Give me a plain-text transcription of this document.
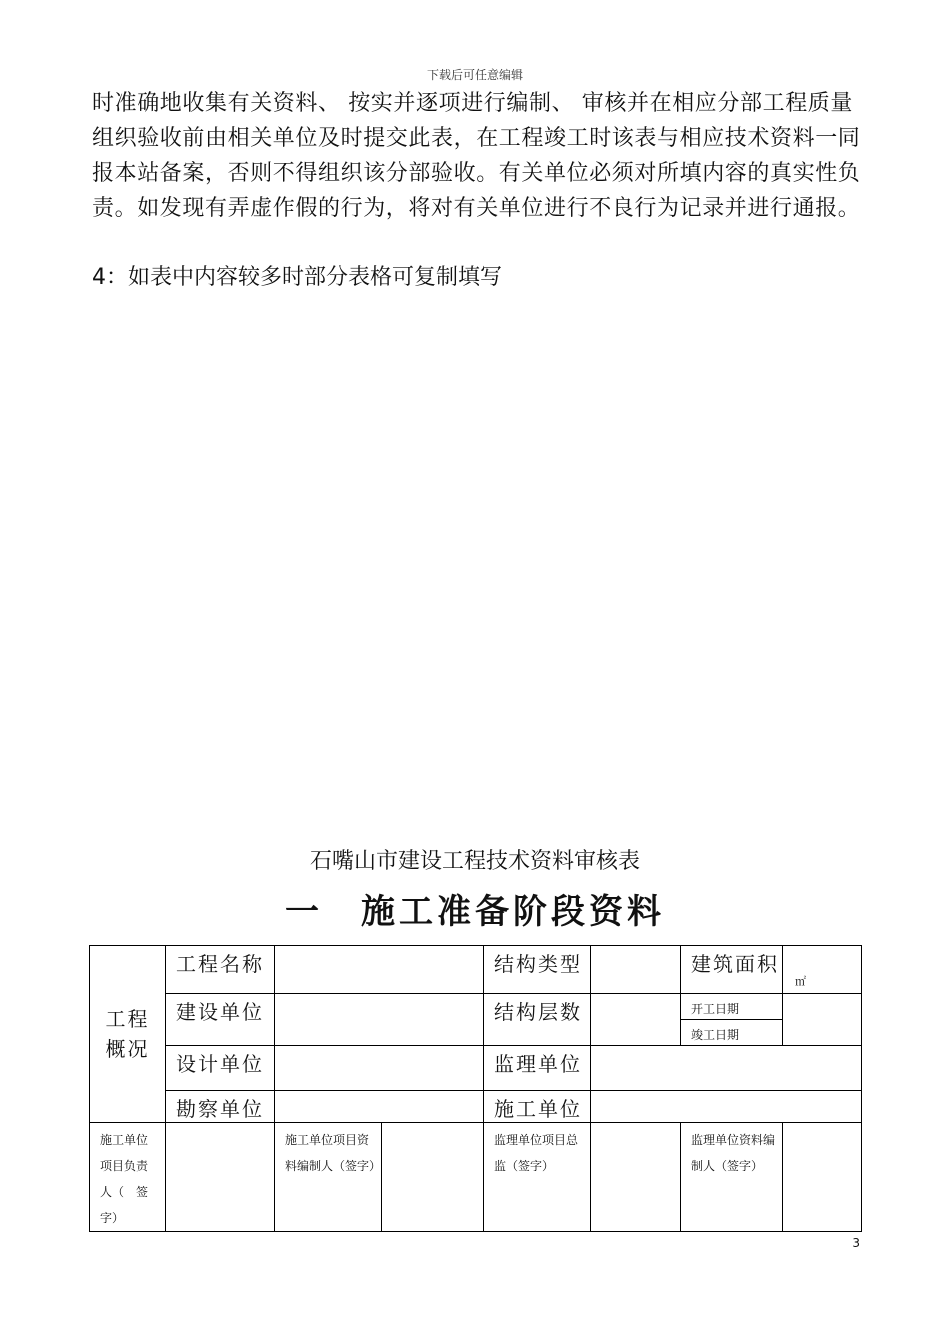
下载后可任意编辑

时准确地收集有关资料、 按实并逐项进行编制、 审核并在相应分部工程质量组织验收前由相关单位及时提交此表，在工程竣工时该表与相应技术资料一同报本站备案，否则不得组织该分部验收。有关单位必须对所填内容的真实性负责。如发现有弄虚作假的行为，将对有关单位进行不良行为记录并进行通报。

4：如表中内容较多时部分表格可复制填写

石嘴山市建设工程技术资料审核表
一 施工准备阶段资料
工程
概况	工程名称			结构类型		建筑面积	㎡
	建设单位			结构层数		开工日期	
						竣工日期	
	设计单位			监理单位			
	勘察单位			施工单位			
施工单位项目负责人（　签字）		施工单位项目资料编制人（签字）		监理单位项目总监（签字）		监理单位资料编制人（签字）	
3
